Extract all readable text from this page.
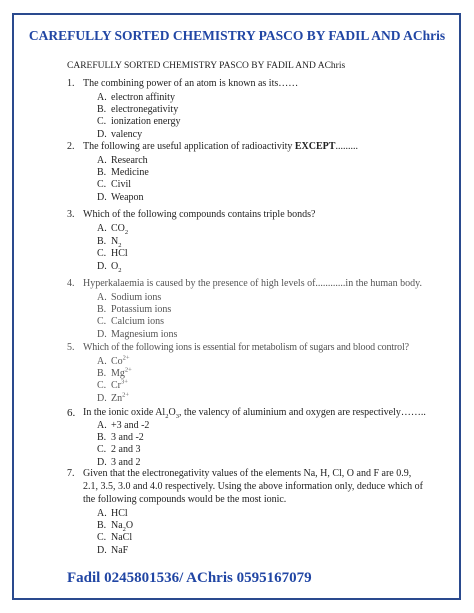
CAREFULLY SORTED CHEMISTRY PASCO BY FADIL AND AChris
CAREFULLY SORTED CHEMISTRY PASCO BY FADIL AND AChris
1. The combining power of an atom is known as its……
A. electron affinity
B. electronegativity
C. ionization energy
D. valency
2. The following are useful application of radioactivity EXCEPT.........
A. Research
B. Medicine
C. Civil
D. Weapon
3. Which of the following compounds contains triple bonds?
A. $CO_2$
B. $N_2$
C. HCl
D. $O_2$
4. Hyperkalaemia is caused by the presence of high levels of............in the human body.
A. Sodium ions
B. Potassium ions
C. Calcium ions
D. Magnesium ions
5. Which of the following ions is essential for metabolism of sugars and blood control?
A. $Co^{2+}$
B. $Mg^{2+}$
C. $Cr^{3+}$
D. $Zn^{2+}$
6. In the ionic oxide $Al_2O_3$, the valency of aluminium and oxygen are respectively……..
A. +3 and -2
B. 3 and -2
C. 2 and 3
D. 3 and 2
7. Given that the electronegativity values of the elements Na, H, Cl, O and F are 0.9, 2.1, 3.5, 3.0 and 4.0 respectively. Using the above information only, deduce which of the following compounds would be the most ionic.
A. HCl
B. $Na_2O$
C. NaCl
D. NaF
Fadil 0245801536/ AChris 0595167079
